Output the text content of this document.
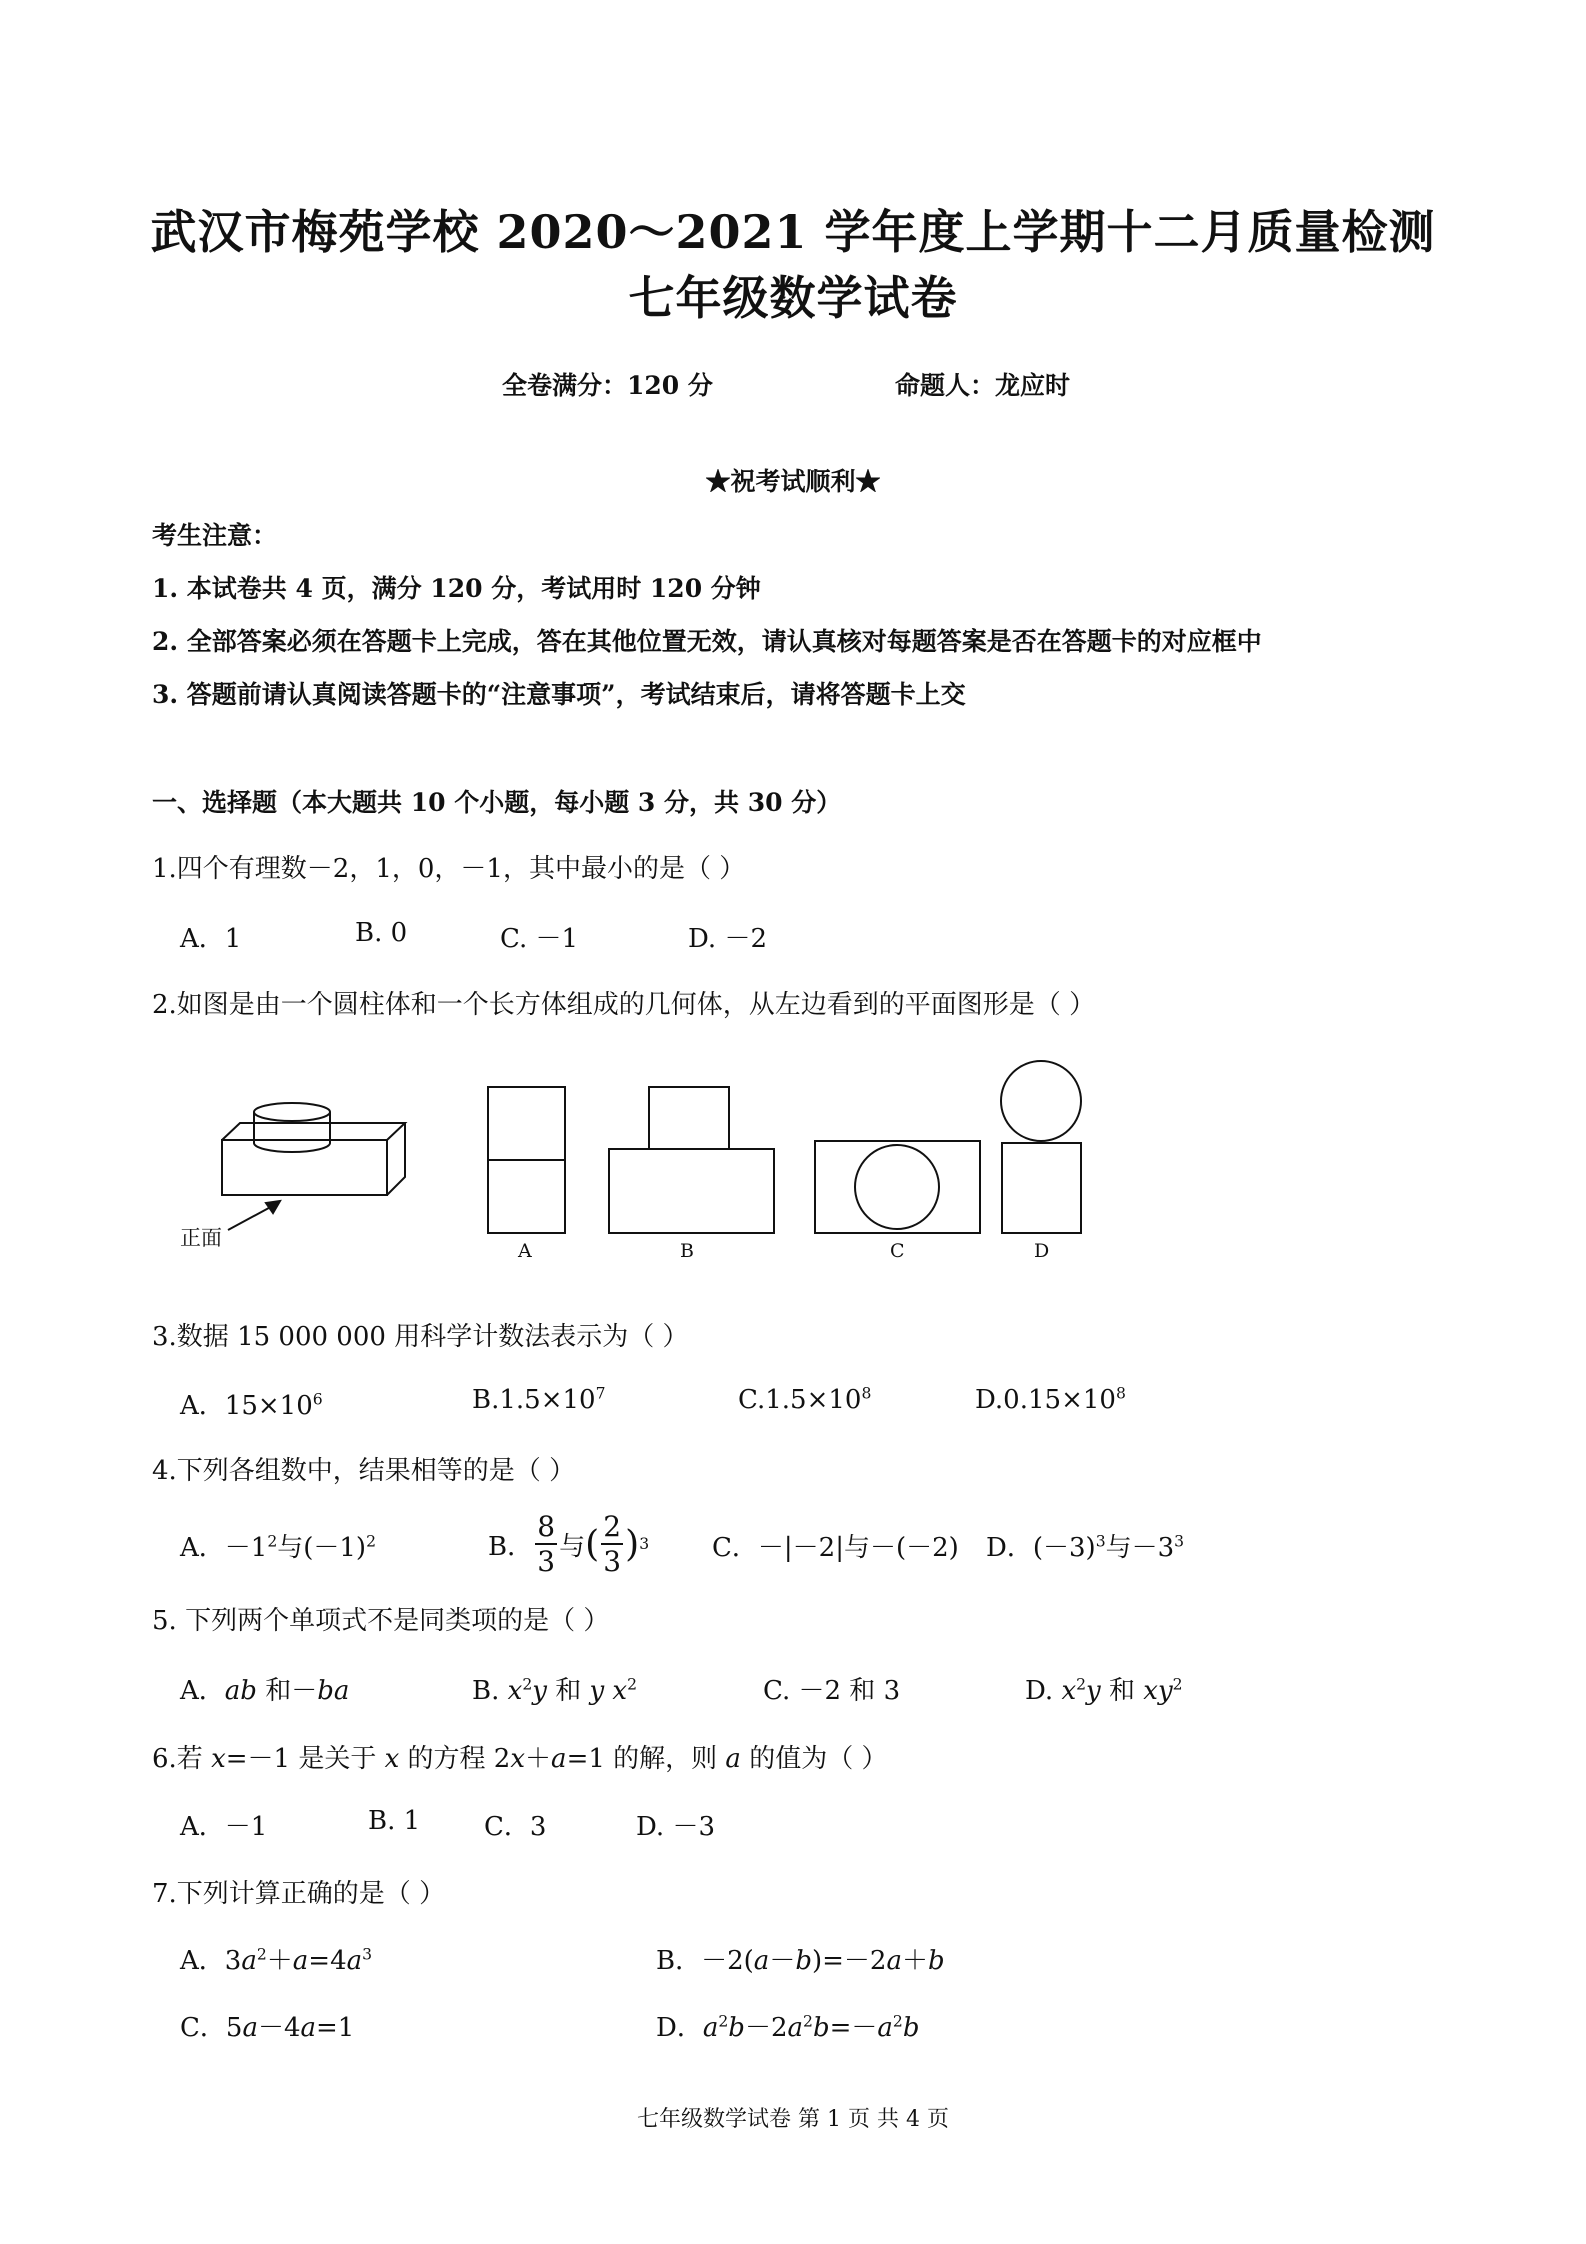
武汉市梅苑学校 2020～2021 学年度上学期十二月质量检测
七年级数学试卷
全卷满分：120 分	命题人：龙应时
★祝考试顺利★
考生注意：
1. 本试卷共 4 页，满分 120 分，考试用时 120 分钟
2. 全部答案必须在答题卡上完成，答在其他位置无效，请认真核对每题答案是否在答题卡的对应框中
3. 答题前请认真阅读答题卡的“注意事项”，考试结束后，请将答题卡上交
一、选择题（本大题共 10 个小题，每小题 3 分，共 30 分）
1.四个有理数－2，1，0，－1，其中最小的是（ ）
A．1	B. 0	C. －1	D. －2
2.如图是由一个圆柱体和一个长方体组成的几何体，从左边看到的平面图形是（ ）
正面
A	B	C	D
3.数据 15 000 000 用科学计数法表示为（ ）
A．$15\times 10^6$	$B.1.5\times 10^7$	$C.1.5\times 10^8$	$D.0.15\times 10^8$
4.下列各组数中，结果相等的是（ ）
A．$-1^2$与$(-1)^2$	B． $\frac{8}{3}$ 与 ( $\frac{2}{3}$ ) 3 C．－|－2|与－(－2) D．$(-3)^3$与$-3^3$
5. 下列两个单项式不是同类项的是（ ）
A．ab 和－ba	B. $x^2y$ 和 y $x^2$	C. －2 和 3	D. $x^2y$ 和 $xy^2$
6.若 x=－1 是关于 x 的方程 2x＋a=1 的解，则 a 的值为（ ）
A．－1	B. 1 C．3	D. －3
7.下列计算正确的是（ ）
A．$3a^2+a=4a^3$	B．－2(a－b)=－2a＋b
C．5a－4a=1	D．$a^2b-2a^2b=-a^2b$
七年级数学试卷 第 1 页 共 4 页
